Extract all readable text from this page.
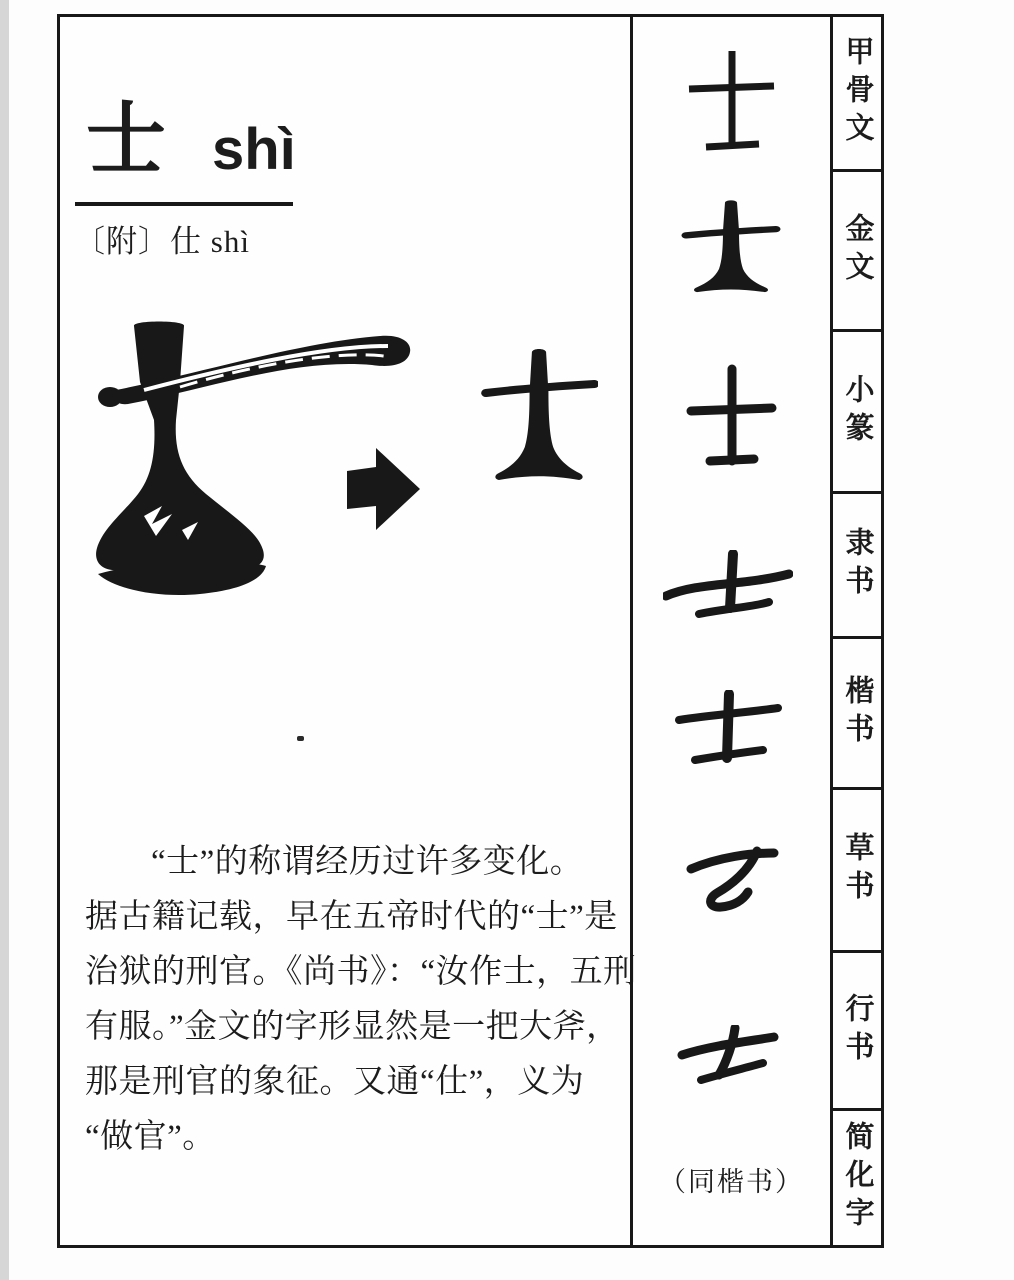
士 shì
〔附〕仕 shì
“士”的称谓经历过许多变化。
据古籍记载，早在五帝时代的“士”是
治狱的刑官。《尚书》：“汝作士，五刑
有服。”金文的字形显然是一把大斧，
那是刑官的象征。又通“仕”，义为
“做官”。
（同楷书）
甲骨文
金文
小篆
隶书
楷书
草书
行书
简化字
